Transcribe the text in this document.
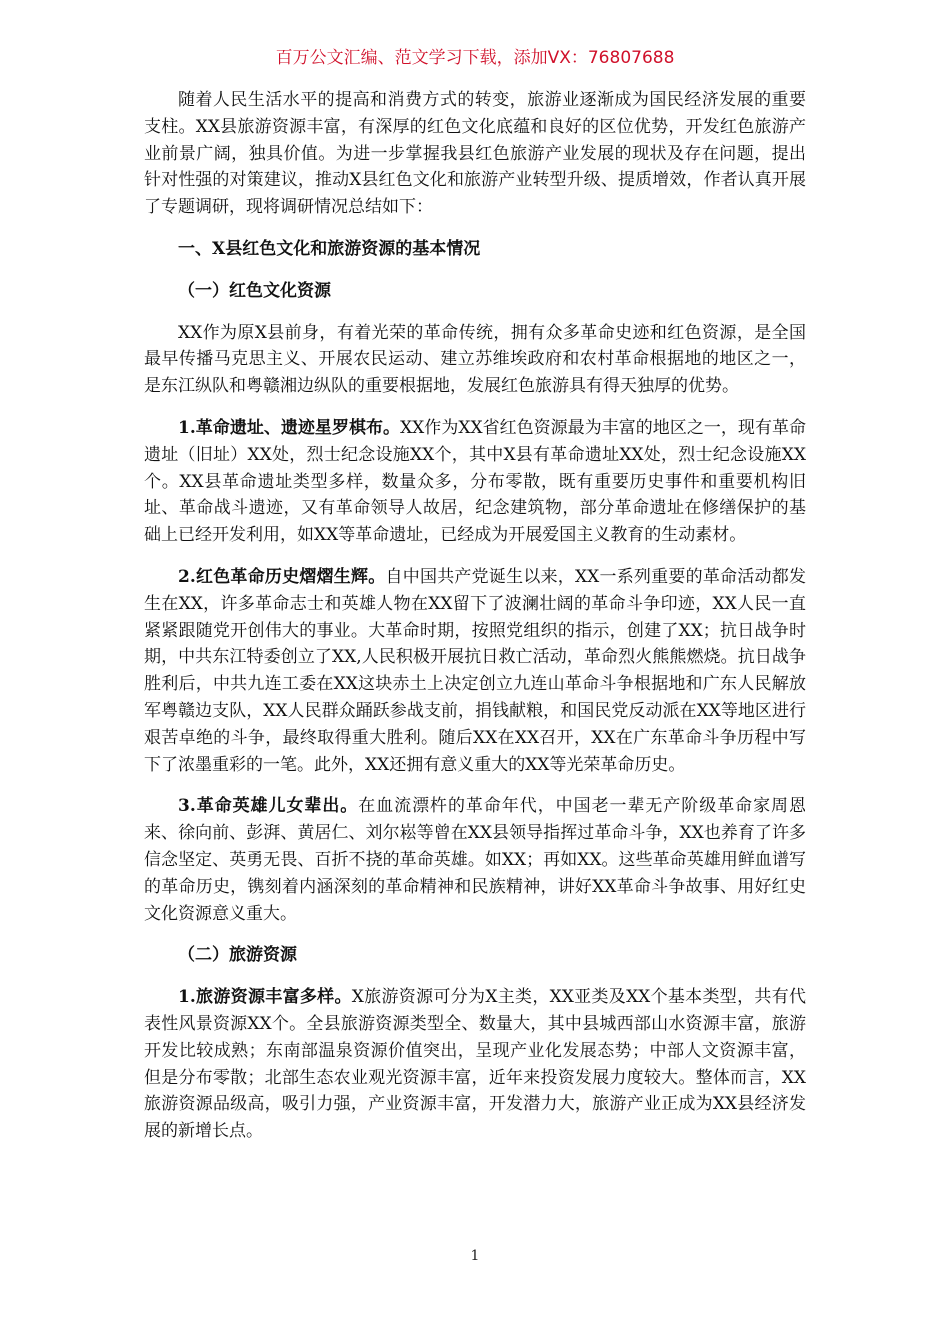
百万公文汇编、范文学习下载，添加VX：76807688

随着人民生活水平的提高和消费方式的转变，旅游业逐渐成为国民经济发展的重要支柱。XX县旅游资源丰富，有深厚的红色文化底蕴和良好的区位优势，开发红色旅游产业前景广阔，独具价值。为进一步掌握我县红色旅游产业发展的现状及存在问题，提出针对性强的对策建议，推动X县红色文化和旅游产业转型升级、提质增效，作者认真开展了专题调研，现将调研情况总结如下：

一、X县红色文化和旅游资源的基本情况
（一）红色文化资源

XX作为原X县前身，有着光荣的革命传统，拥有众多革命史迹和红色资源，是全国最早传播马克思主义、开展农民运动、建立苏维埃政府和农村革命根据地的地区之一，是东江纵队和粤赣湘边纵队的重要根据地，发展红色旅游具有得天独厚的优势。

1.革命遗址、遗迹星罗棋布。XX作为XX省红色资源最为丰富的地区之一，现有革命遗址（旧址）XX处，烈士纪念设施XX个，其中X县有革命遗址XX处，烈士纪念设施XX个。XX县革命遗址类型多样，数量众多，分布零散，既有重要历史事件和重要机构旧址、革命战斗遗迹，又有革命领导人故居，纪念建筑物，部分革命遗址在修缮保护的基础上已经开发利用，如XX等革命遗址，已经成为开展爱国主义教育的生动素材。

2.红色革命历史熠熠生辉。自中国共产党诞生以来，XX一系列重要的革命活动都发生在XX，许多革命志士和英雄人物在XX留下了波澜壮阔的革命斗争印迹，XX人民一直紧紧跟随党开创伟大的事业。大革命时期，按照党组织的指示，创建了XX；抗日战争时期，中共东江特委创立了XX,人民积极开展抗日救亡活动，革命烈火熊熊燃烧。抗日战争胜利后，中共九连工委在XX这块赤土上决定创立九连山革命斗争根据地和广东人民解放军粤赣边支队，XX人民群众踊跃参战支前，捐钱献粮，和国民党反动派在XX等地区进行艰苦卓绝的斗争，最终取得重大胜利。随后XX在XX召开，XX在广东革命斗争历程中写下了浓墨重彩的一笔。此外，XX还拥有意义重大的XX等光荣革命历史。

3.革命英雄儿女辈出。在血流漂杵的革命年代，中国老一辈无产阶级革命家周恩来、徐向前、彭湃、黄居仁、刘尔崧等曾在XX县领导指挥过革命斗争，XX也养育了许多信念坚定、英勇无畏、百折不挠的革命英雄。如XX；再如XX。这些革命英雄用鲜血谱写的革命历史，镌刻着内涵深刻的革命精神和民族精神，讲好XX革命斗争故事、用好红史文化资源意义重大。

（二）旅游资源

1.旅游资源丰富多样。X旅游资源可分为X主类，XX亚类及XX个基本类型，共有代表性风景资源XX个。全县旅游资源类型全、数量大，其中县城西部山水资源丰富，旅游开发比较成熟；东南部温泉资源价值突出，呈现产业化发展态势；中部人文资源丰富，但是分布零散；北部生态农业观光资源丰富，近年来投资发展力度较大。整体而言，XX旅游资源品级高，吸引力强，产业资源丰富，开发潜力大，旅游产业正成为XX县经济发展的新增长点。

1
